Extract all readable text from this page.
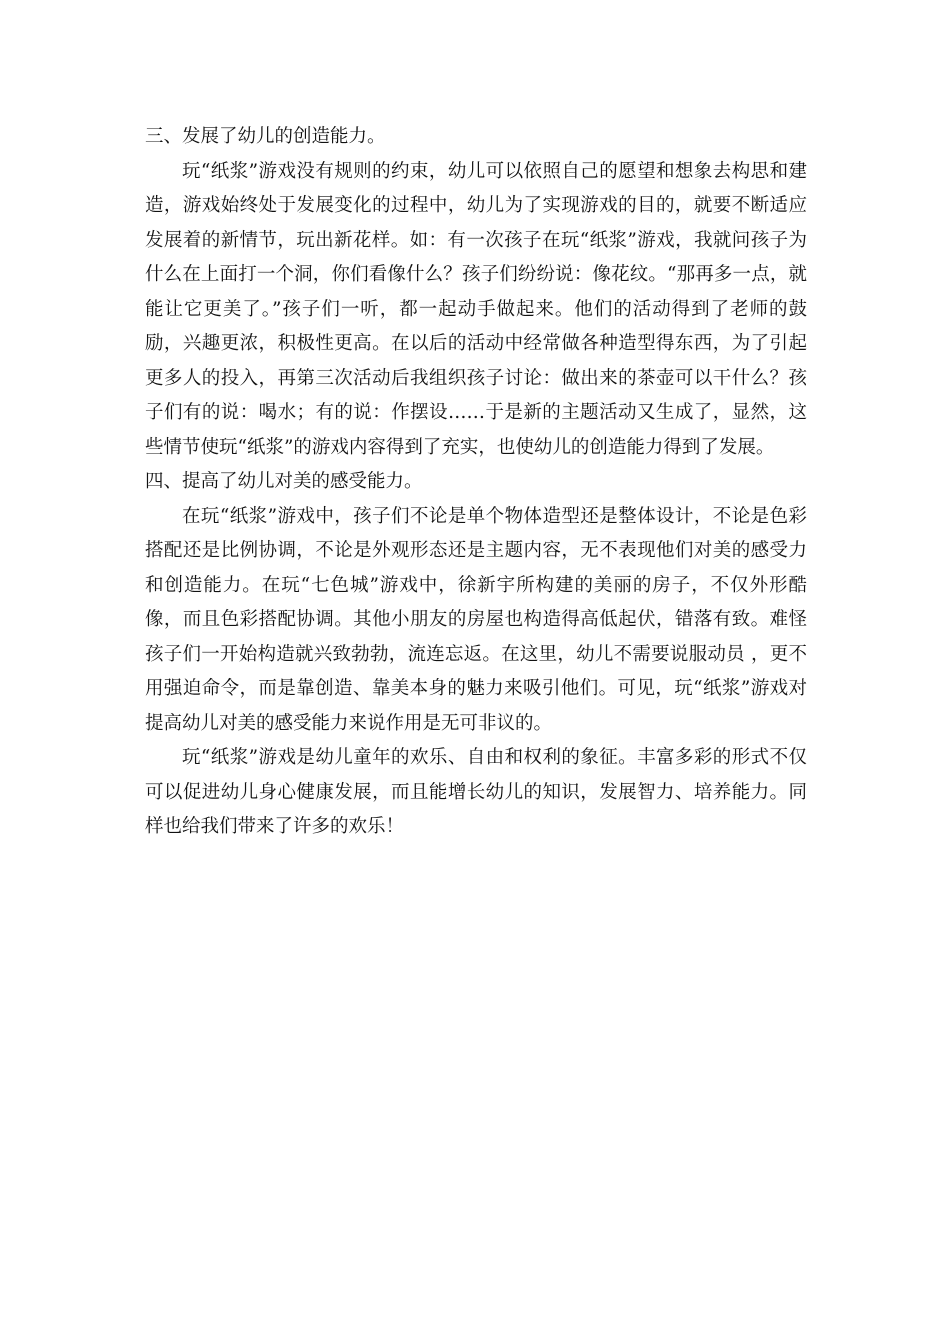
三、发展了幼儿的创造能力。

玩“纸浆”游戏没有规则的约束，幼儿可以依照自己的愿望和想象去构思和建造，游戏始终处于发展变化的过程中，幼儿为了实现游戏的目的，就要不断适应发展着的新情节，玩出新花样。如：有一次孩子在玩“纸浆”游戏，我就问孩子为什么在上面打一个洞，你们看像什么？孩子们纷纷说：像花纹。“那再多一点，就能让它更美了。”孩子们一听，都一起动手做起来。他们的活动得到了老师的鼓励，兴趣更浓，积极性更高。在以后的活动中经常做各种造型得东西，为了引起更多人的投入，再第三次活动后我组织孩子讨论：做出来的茶壶可以干什么？孩子们有的说：喝水；有的说：作摆设……于是新的主题活动又生成了，显然，这些情节使玩“纸浆”的游戏内容得到了充实，也使幼儿的创造能力得到了发展。

四、提高了幼儿对美的感受能力。

在玩“纸浆”游戏中，孩子们不论是单个物体造型还是整体设计，不论是色彩搭配还是比例协调，不论是外观形态还是主题内容，无不表现他们对美的感受力和创造能力。在玩“七色城”游戏中，徐新宇所构建的美丽的房子，不仅外形酷像，而且色彩搭配协调。其他小朋友的房屋也构造得高低起伏，错落有致。难怪孩子们一开始构造就兴致勃勃，流连忘返。在这里，幼儿不需要说服动员 ，更不用强迫命令，而是靠创造、靠美本身的魅力来吸引他们。可见，玩“纸浆”游戏对提高幼儿对美的感受能力来说作用是无可非议的。

玩“纸浆”游戏是幼儿童年的欢乐、自由和权利的象征。丰富多彩的形式不仅可以促进幼儿身心健康发展，而且能增长幼儿的知识，发展智力、培养能力。同样也给我们带来了许多的欢乐！
